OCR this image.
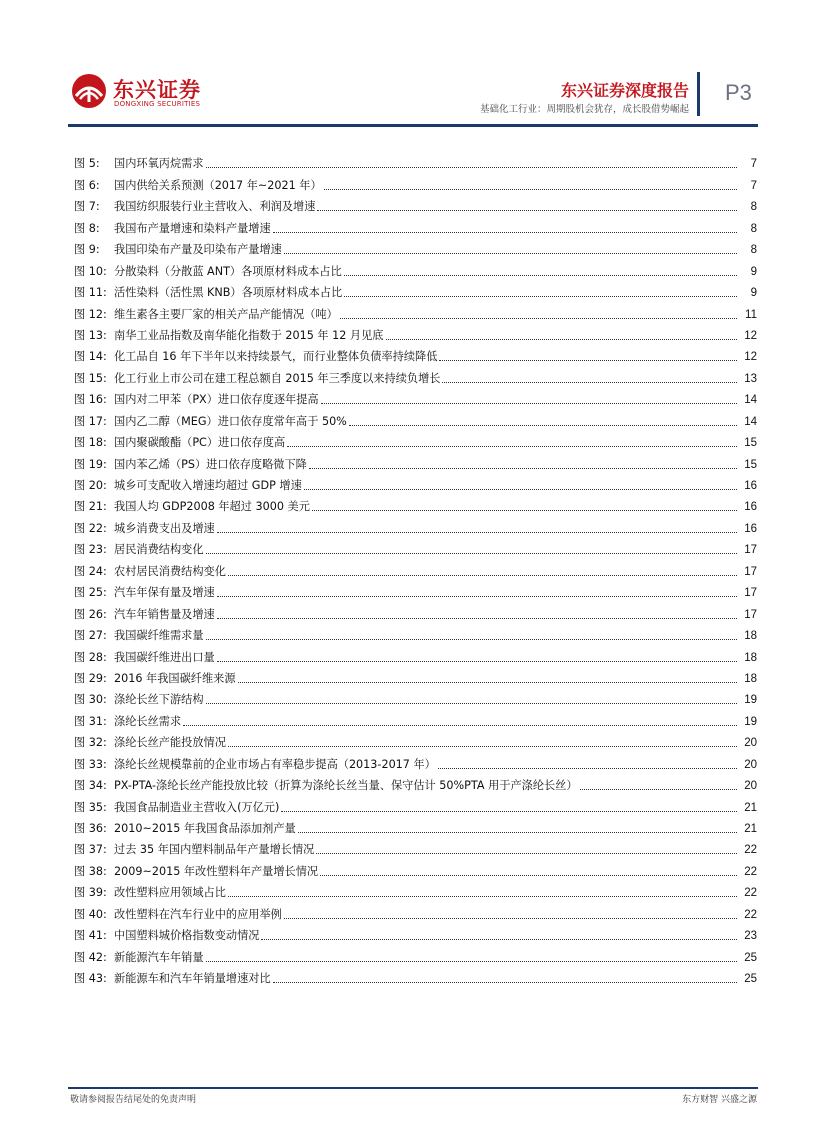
东兴证券
DONGXING SECURITIES
东兴证券深度报告
基础化工行业：周期股机会犹存，成长股借势崛起
P3
图 5: 国内环氧丙烷需求	7
图 6: 国内供给关系预测（2017 年~2021 年）	7
图 7: 我国纺织服装行业主营收入、利润及增速	8
图 8: 我国布产量增速和染料产量增速	8
图 9: 我国印染布产量及印染布产量增速	8
图 10: 分散染料（分散蓝 ANT）各项原材料成本占比	9
图 11: 活性染料（活性黑 KNB）各项原材料成本占比	9
图 12: 维生素各主要厂家的相关产品产能情况（吨）	11
图 13: 南华工业品指数及南华能化指数于 2015 年 12 月见底	12
图 14: 化工品自 16 年下半年以来持续景气，而行业整体负债率持续降低	12
图 15: 化工行业上市公司在建工程总额自 2015 年三季度以来持续负增长	13
图 16: 国内对二甲苯（PX）进口依存度逐年提高	14
图 17: 国内乙二醇（MEG）进口依存度常年高于 50%	14
图 18: 国内聚碳酸酯（PC）进口依存度高	15
图 19: 国内苯乙烯（PS）进口依存度略微下降	15
图 20: 城乡可支配收入增速均超过 GDP 增速	16
图 21: 我国人均 GDP2008 年超过 3000 美元	16
图 22: 城乡消费支出及增速	16
图 23: 居民消费结构变化	17
图 24: 农村居民消费结构变化	17
图 25: 汽车年保有量及增速	17
图 26: 汽车年销售量及增速	17
图 27: 我国碳纤维需求量	18
图 28: 我国碳纤维进出口量	18
图 29: 2016 年我国碳纤维来源	18
图 30: 涤纶长丝下游结构	19
图 31: 涤纶长丝需求	19
图 32: 涤纶长丝产能投放情况	20
图 33: 涤纶长丝规模靠前的企业市场占有率稳步提高（2013-2017 年）	20
图 34: PX-PTA-涤纶长丝产能投放比较（折算为涤纶长丝当量、保守估计 50%PTA 用于产涤纶长丝）	20
图 35: 我国食品制造业主营收入(万亿元)	21
图 36: 2010~2015 年我国食品添加剂产量	21
图 37: 过去 35 年国内塑料制品年产量增长情况	22
图 38: 2009~2015 年改性塑料年产量增长情况	22
图 39: 改性塑料应用领域占比	22
图 40: 改性塑料在汽车行业中的应用举例	22
图 41: 中国塑料城价格指数变动情况	23
图 42: 新能源汽车年销量	25
图 43: 新能源车和汽车年销量增速对比	25
敬请参阅报告结尾处的免责声明	东方财智 兴盛之源
